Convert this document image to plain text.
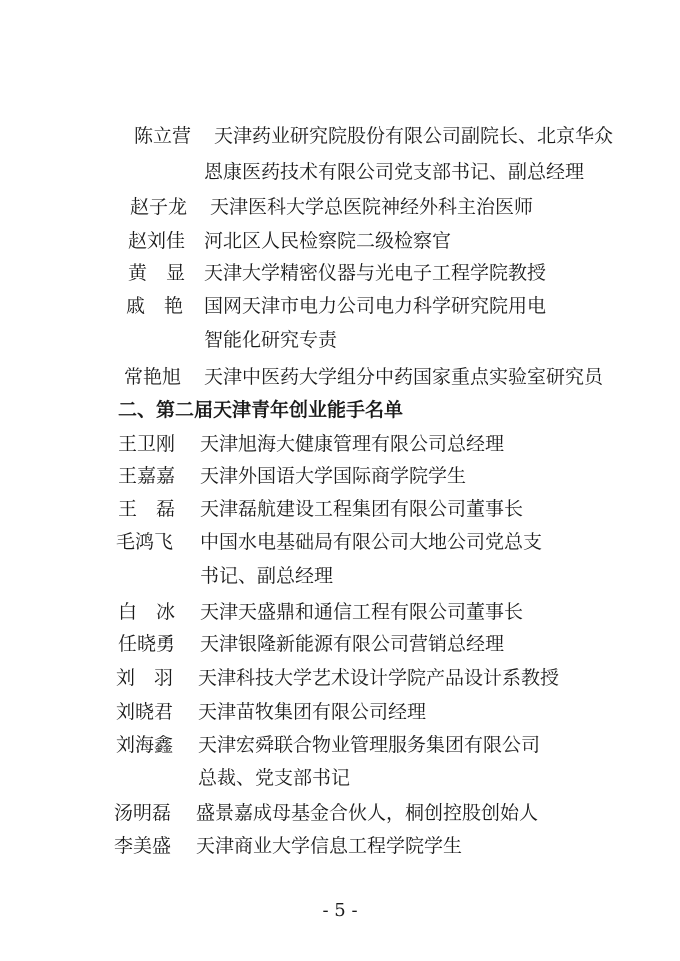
陈立营	天津药业研究院股份有限公司副院长、北京华众
恩康医药技术有限公司党支部书记、副总经理
赵子龙	天津医科大学总医院神经外科主治医师
赵刘佳 河北区人民检察院二级检察官
黄　显 天津大学精密仪器与光电子工程学院教授
戚　艳	国网天津市电力公司电力科学研究院用电
智能化研究专责
常艳旭	天津中医药大学组分中药国家重点实验室研究员
二、第二届天津青年创业能手名单
王卫刚	天津旭海大健康管理有限公司总经理
王嘉嘉	天津外国语大学国际商学院学生
王　磊	天津磊航建设工程集团有限公司董事长
毛鸿飞	中国水电基础局有限公司大地公司党总支
书记、副总经理
白　冰	天津天盛鼎和通信工程有限公司董事长
任晓勇	天津银隆新能源有限公司营销总经理
刘　羽	天津科技大学艺术设计学院产品设计系教授
刘晓君	天津苗牧集团有限公司经理
刘海鑫	天津宏舜联合物业管理服务集团有限公司
总裁、党支部书记
汤明磊	盛景嘉成母基金合伙人，桐创控股创始人
李美盛	天津商业大学信息工程学院学生
- 5 -
